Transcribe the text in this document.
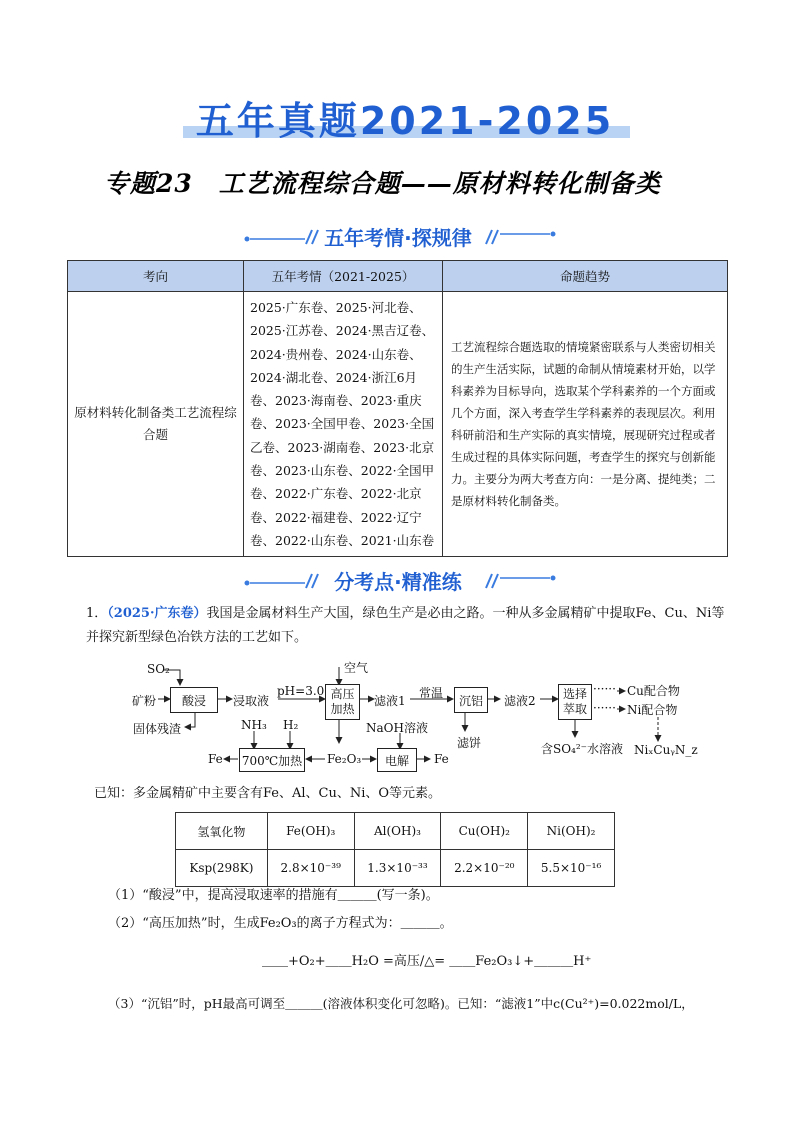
五年真题2021-2025
专题23　工艺流程综合题——原材料转化制备类
五年考情·探规律
考向	五年考情（2021-2025）	命题趋势
原材料转化制备类工艺流程综合题	2025·广东卷、2025·河北卷、2025·江苏卷、2024·黑吉辽卷、2024·贵州卷、2024·山东卷、2024·湖北卷、2024·浙江6月卷、2023·海南卷、2023·重庆卷、2023·全国甲卷、2023·全国乙卷、2023·湖南卷、2023·北京卷、2023·山东卷、2022·全国甲卷、2022·广东卷、2022·北京卷、2022·福建卷、2022·辽宁卷、2022·山东卷、2021·山东卷	工艺流程综合题选取的情境紧密联系与人类密切相关的生产生活实际，试题的命制从情境素材开始，以学科素养为目标导向，选取某个学科素养的一个方面或几个方面，深入考查学生学科素养的表现层次。利用科研前沿和生产实际的真实情境，展现研究过程或者生成过程的具体实际问题，考查学生的探究与创新能力。主要分为两大考查方向：一是分离、提纯类；二是原材料转化制备类。
分考点·精准练
1．（2025·广东卷）我国是金属材料生产大国，绿色生产是必由之路。一种从多金属精矿中提取Fe、Cu、Ni等并探究新型绿色冶铁方法的工艺如下。
SO₂
矿粉	酸浸
固体残渣
浸取液
pH=3.0
空气
高压
加热
滤液1
常温
沉铝
滤饼
滤液2 选择
萃取
······
······
Cu配合物
Ni配合物
含SO₄²⁻水溶液 NiₓCuᵧN_z
NH₃ H₂
Fe 700℃加热 Fe₂O₃
NaOH溶液
电解	Fe
已知：多金属精矿中主要含有Fe、Al、Cu、Ni、O等元素。
氢氧化物	Fe(OH)₃	Al(OH)₃	Cu(OH)₂	Ni(OH)₂
Ksp(298K)	2.8×10⁻³⁹	1.3×10⁻³³	2.2×10⁻²⁰	5.5×10⁻¹⁶
（1）“酸浸”中，提高浸取速率的措施有＿＿＿(写一条)。
（2）“高压加热”时，生成Fe₂O₃的离子方程式为：＿＿＿。
＿＿+O₂+＿＿H₂O =高压/△= ＿＿Fe₂O₃↓+＿＿＿H⁺
（3）“沉铝”时，pH最高可调至＿＿＿(溶液体积变化可忽略)。已知：“滤液1”中c(Cu²⁺)=0.022mol/L，
